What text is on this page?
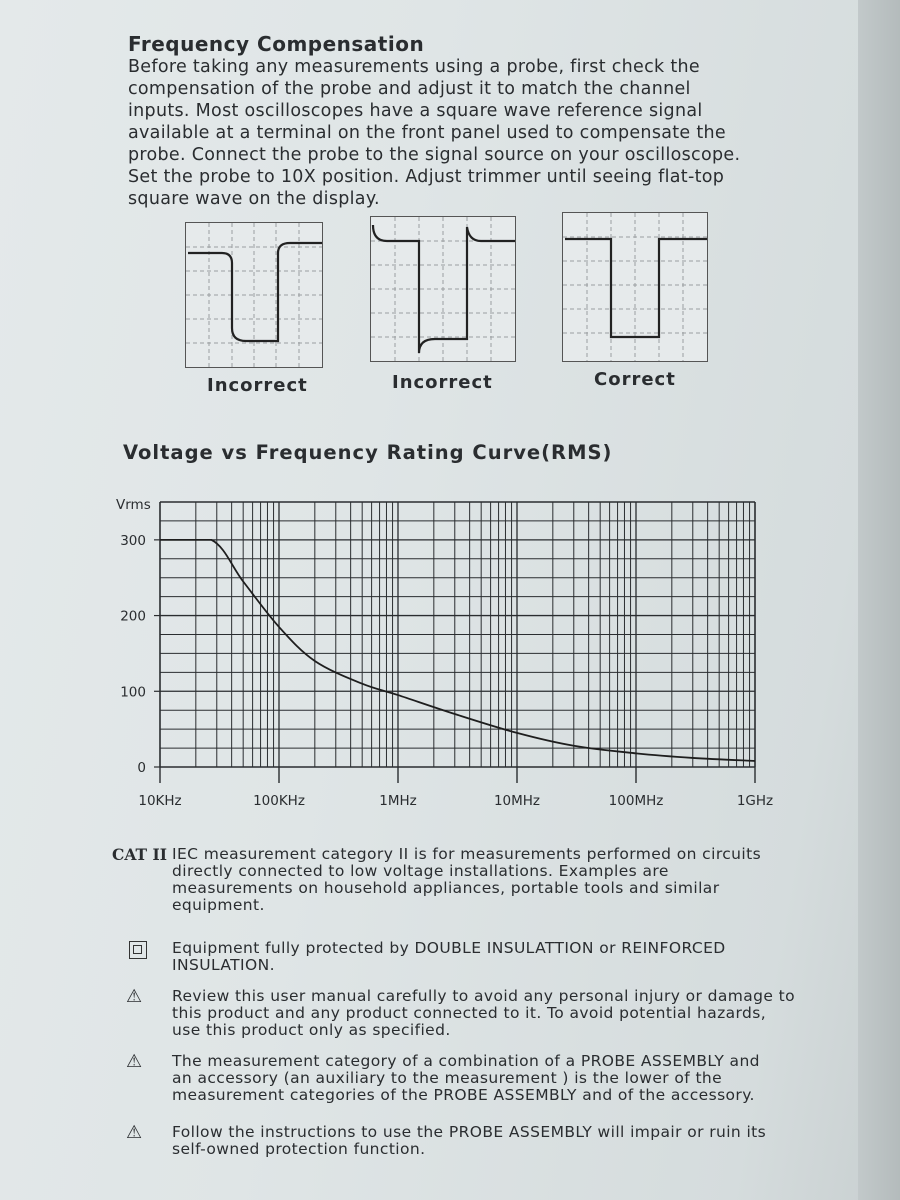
Frequency Compensation
Before taking any measurements using a probe, first check the
compensation of the probe and adjust it to match the channel
inputs. Most oscilloscopes have a square wave reference signal
available at a terminal on the front panel used to compensate the
probe. Connect the probe to the signal source on your oscilloscope.
Set the probe to 10X position. Adjust trimmer until seeing flat-top
square wave on the display.
Incorrect	Incorrect	Correct
Voltage vs Frequency Rating Curve(RMS)
0
100
200
300
10KHz	100KHz	1MHz	10MHz	100MHz	1GHz
Vrms
CAT II IEC measurement category II is for measurements performed on circuits
directly connected to low voltage installations. Examples are
measurements on household appliances, portable tools and similar
equipment.
Equipment fully protected by DOUBLE INSULATTION or REINFORCED
INSULATION.
⚠ Review this user manual carefully to avoid any personal injury or damage to
this product and any product connected to it. To avoid potential hazards,
use this product only as specified.
⚠ The measurement category of a combination of a PROBE ASSEMBLY and
an accessory (an auxiliary to the measurement ) is the lower of the
measurement categories of the PROBE ASSEMBLY and of the accessory.
⚠ Follow the instructions to use the PROBE ASSEMBLY will impair or ruin its
self-owned protection function.
